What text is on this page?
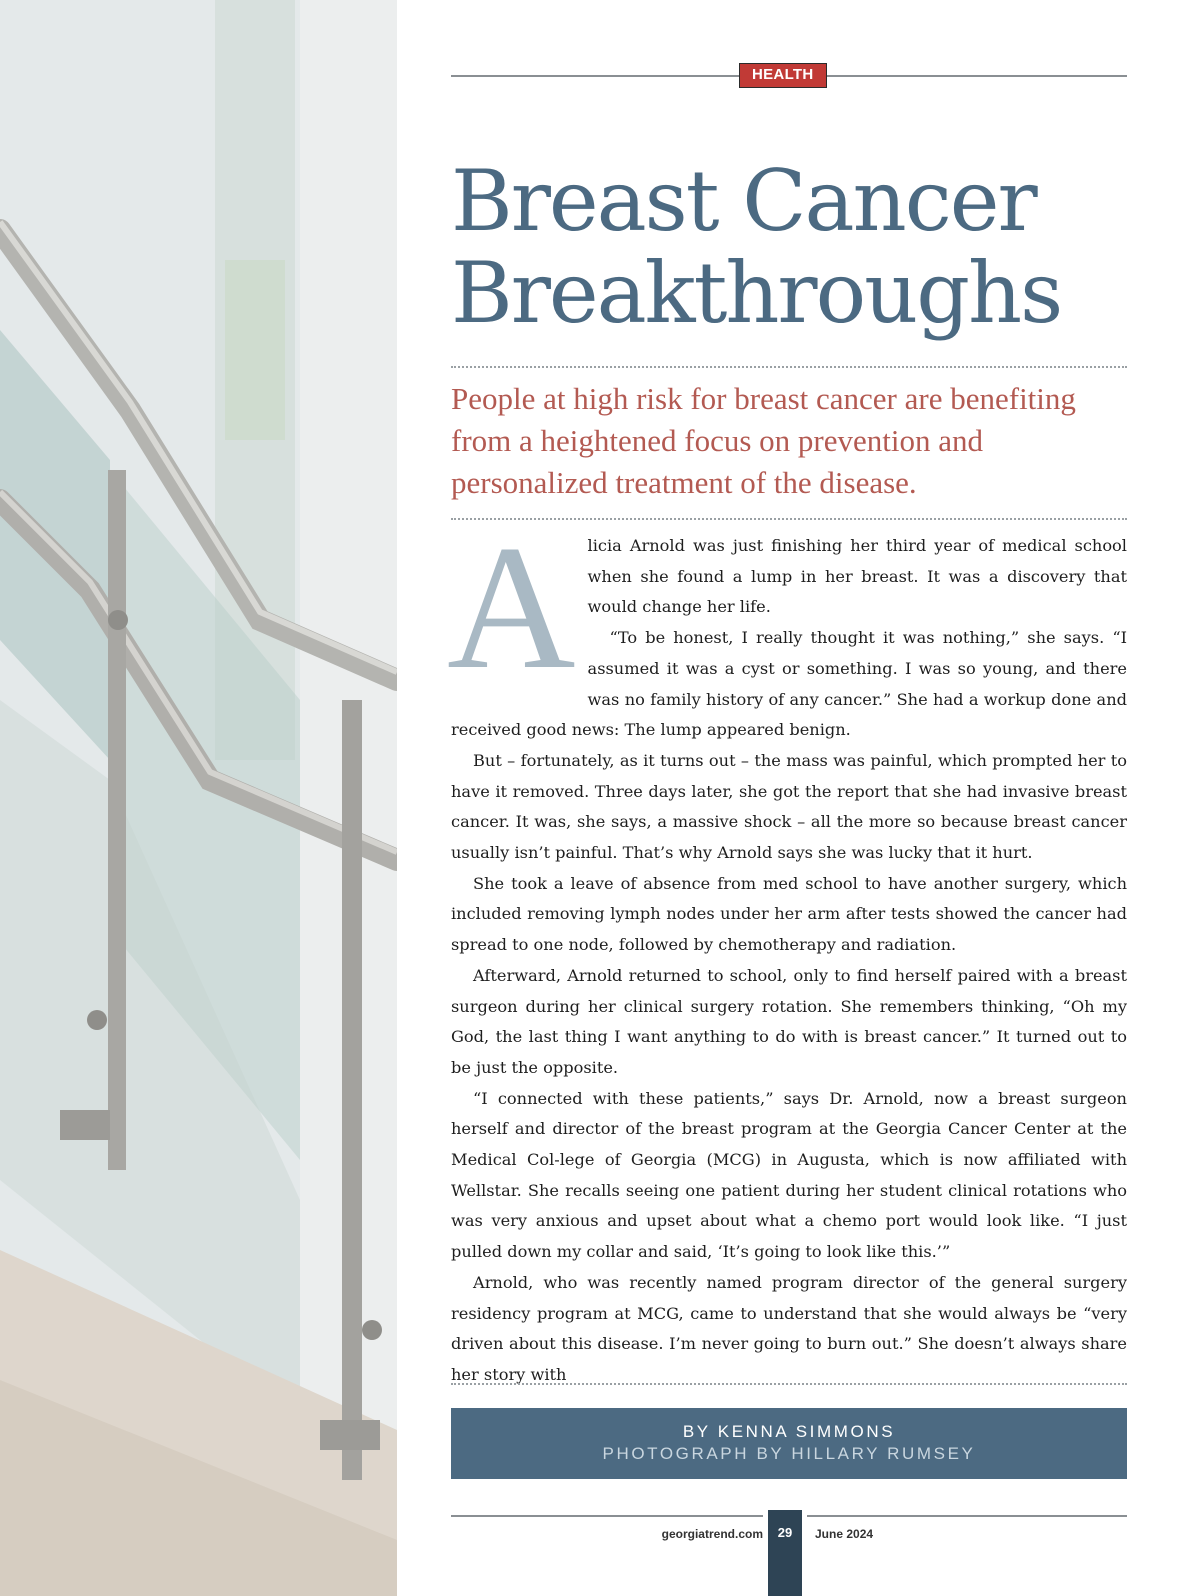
HEALTH
Breast Cancer
Breakthroughs

People at high risk for breast cancer are benefiting from a heightened focus on prevention and personalized treatment of the disease.

A licia Arnold was just finishing her third year of medical school when she found a lump in her breast. It was a discovery that would change her life.

“To be honest, I really thought it was nothing,” she says. “I assumed it was a cyst or something. I was so young, and there was no family history of any cancer.” She had a workup done and received good news: The lump appeared benign.

But – fortunately, as it turns out – the mass was painful, which prompted her to have it removed. Three days later, she got the report that she had invasive breast cancer. It was, she says, a massive shock – all the more so because breast cancer usually isn’t painful. That’s why Arnold says she was lucky that it hurt.

She took a leave of absence from med school to have another surgery, which included removing lymph nodes under her arm after tests showed the cancer had spread to one node, followed by chemotherapy and radiation.

Afterward, Arnold returned to school, only to find herself paired with a breast surgeon during her clinical surgery rotation. She remembers thinking, “Oh my God, the last thing I want anything to do with is breast cancer.” It turned out to be just the opposite.

“I connected with these patients,” says Dr. Arnold, now a breast surgeon herself and director of the breast program at the Georgia Cancer Center at the Medical Col-lege of Georgia (MCG) in Augusta, which is now affiliated with Wellstar. She recalls seeing one patient during her student clinical rotations who was very anxious and upset about what a chemo port would look like. “I just pulled down my collar and said, ‘It’s going to look like this.’”

Arnold, who was recently named program director of the general surgery residency program at MCG, came to understand that she would always be “very driven about this disease. I’m never going to burn out.” She doesn’t always share her story with

BY KENNA SIMMONS
PHOTOGRAPH BY HILLARY RUMSEY
georgiatrend.com	29	June 2024
